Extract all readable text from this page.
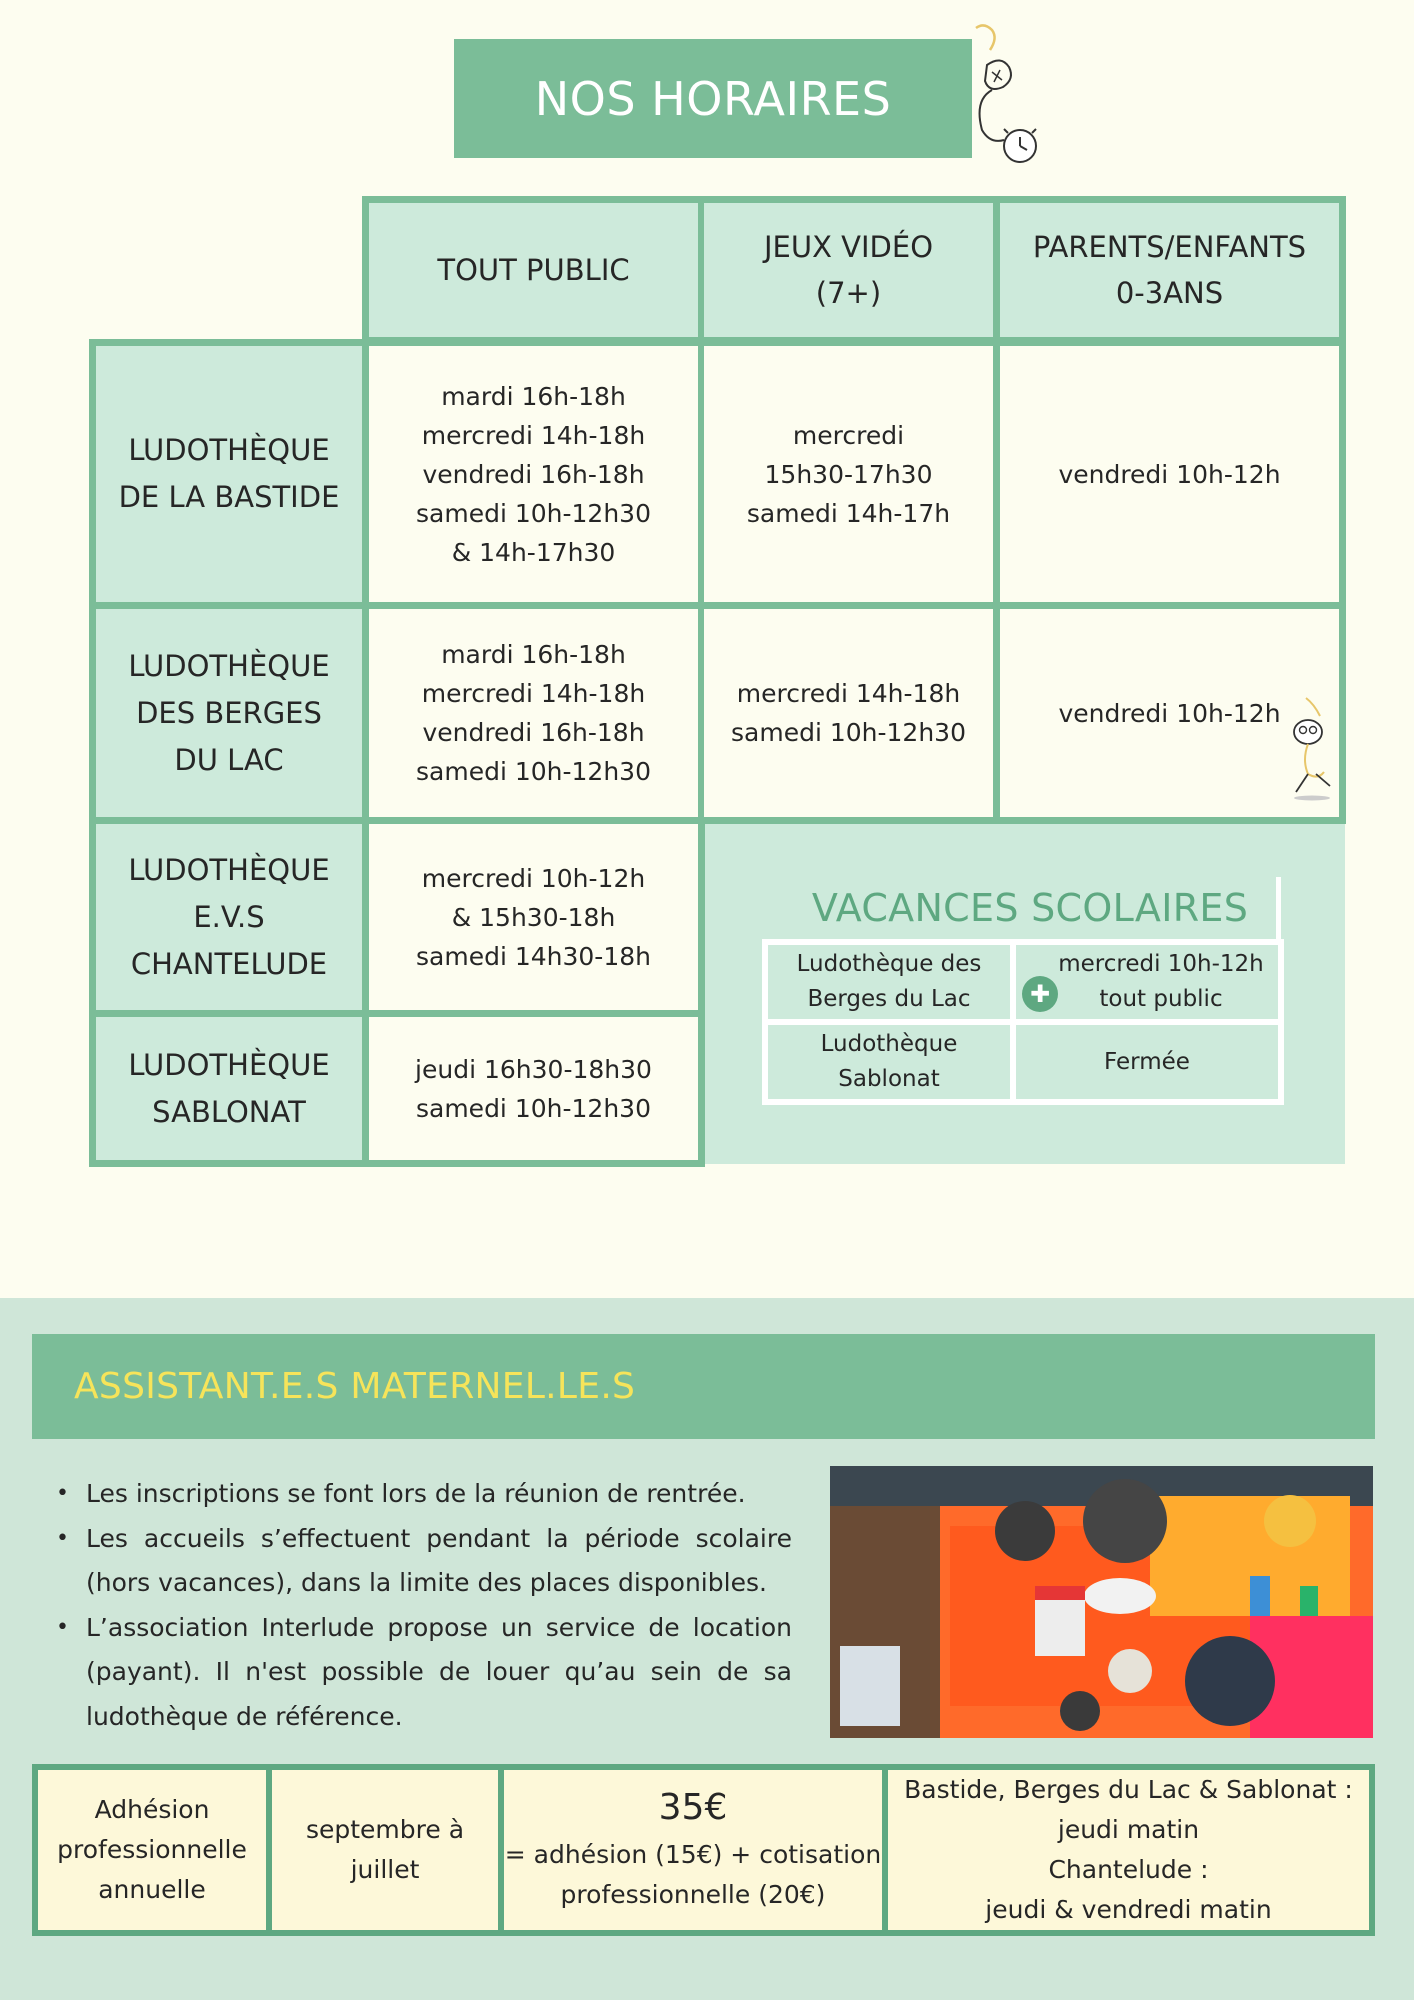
NOS HORAIRES
TOUT PUBLIC
JEUX VIDÉO
(7+)
PARENTS/ENFANTS
0-3ANS
LUDOTHÈQUE
DE LA BASTIDE
mardi 16h-18h
mercredi 14h-18h
vendredi 16h-18h
samedi 10h-12h30
& 14h-17h30
mercredi
15h30-17h30
samedi 14h-17h
vendredi 10h-12h
LUDOTHÈQUE
DES BERGES
DU LAC
mardi 16h-18h
mercredi 14h-18h
vendredi 16h-18h
samedi 10h-12h30
mercredi 14h-18h
samedi 10h-12h30
vendredi 10h-12h
LUDOTHÈQUE
E.V.S
CHANTELUDE
mercredi 10h-12h
& 15h30-18h
samedi 14h30-18h
LUDOTHÈQUE
SABLONAT
jeudi 16h30-18h30
samedi 10h-12h30
VACANCES SCOLAIRES
Ludothèque des
Berges du Lac
mercredi 10h-12h
tout public
✚
Ludothèque
Sablonat
Fermée
ASSISTANT.E.S MATERNEL.LE.S
• Les inscriptions se font lors de la réunion de rentrée.
• Les accueils s’effectuent pendant la période scolaire (hors vacances), dans la limite des places disponibles.
• L’association Interlude propose un service de location (payant). Il n'est possible de louer qu’au sein de sa ludothèque de référence.
Adhésion
professionnelle
annuelle
septembre à
juillet
35€
= adhésion (15€) + cotisation
professionnelle (20€)
Bastide, Berges du Lac & Sablonat :
jeudi matin
Chantelude :
jeudi & vendredi matin
